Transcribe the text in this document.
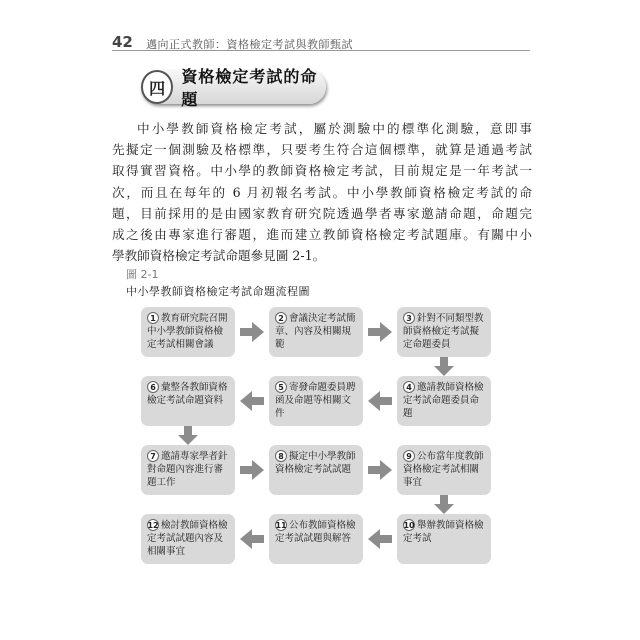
42 邁向正式教師：資格檢定考試與教師甄試
四
資格檢定考試的命題
中小學教師資格檢定考試，屬於測驗中的標準化測驗，意即事
先擬定一個測驗及格標準，只要考生符合這個標準，就算是通過考試
取得實習資格。中小學的教師資格檢定考試，目前規定是一年考試一
次，而且在每年的 6 月初報名考試。中小學教師資格檢定考試的命
題，目前採用的是由國家教育研究院透過學者專家邀請命題，命題完
成之後由專家進行審題，進而建立教師資格檢定考試題庫。有關中小
學教師資格檢定考試命題參見圖 2-1。
圖 2-1
中小學教師資格檢定考試命題流程圖
1 教育研究院召開中小學教師資格檢定考試相關會議
2 會議決定考試簡章、內容及相關規範
3 針對不同類型教師資格檢定考試擬定命題委員
4 邀請教師資格檢定考試命題委員命題
5 寄發命題委員聘函及命題等相關文件
6 彙整各教師資格檢定考試命題資料
7 邀請專家學者針對命題內容進行審題工作
8 擬定中小學教師資格檢定考試試題
9 公布當年度教師資格檢定考試相關事宜
10 舉辦教師資格檢定考試
11 公布教師資格檢定考試試題與解答
12 檢討教師資格檢定考試試題內容及相關事宜
